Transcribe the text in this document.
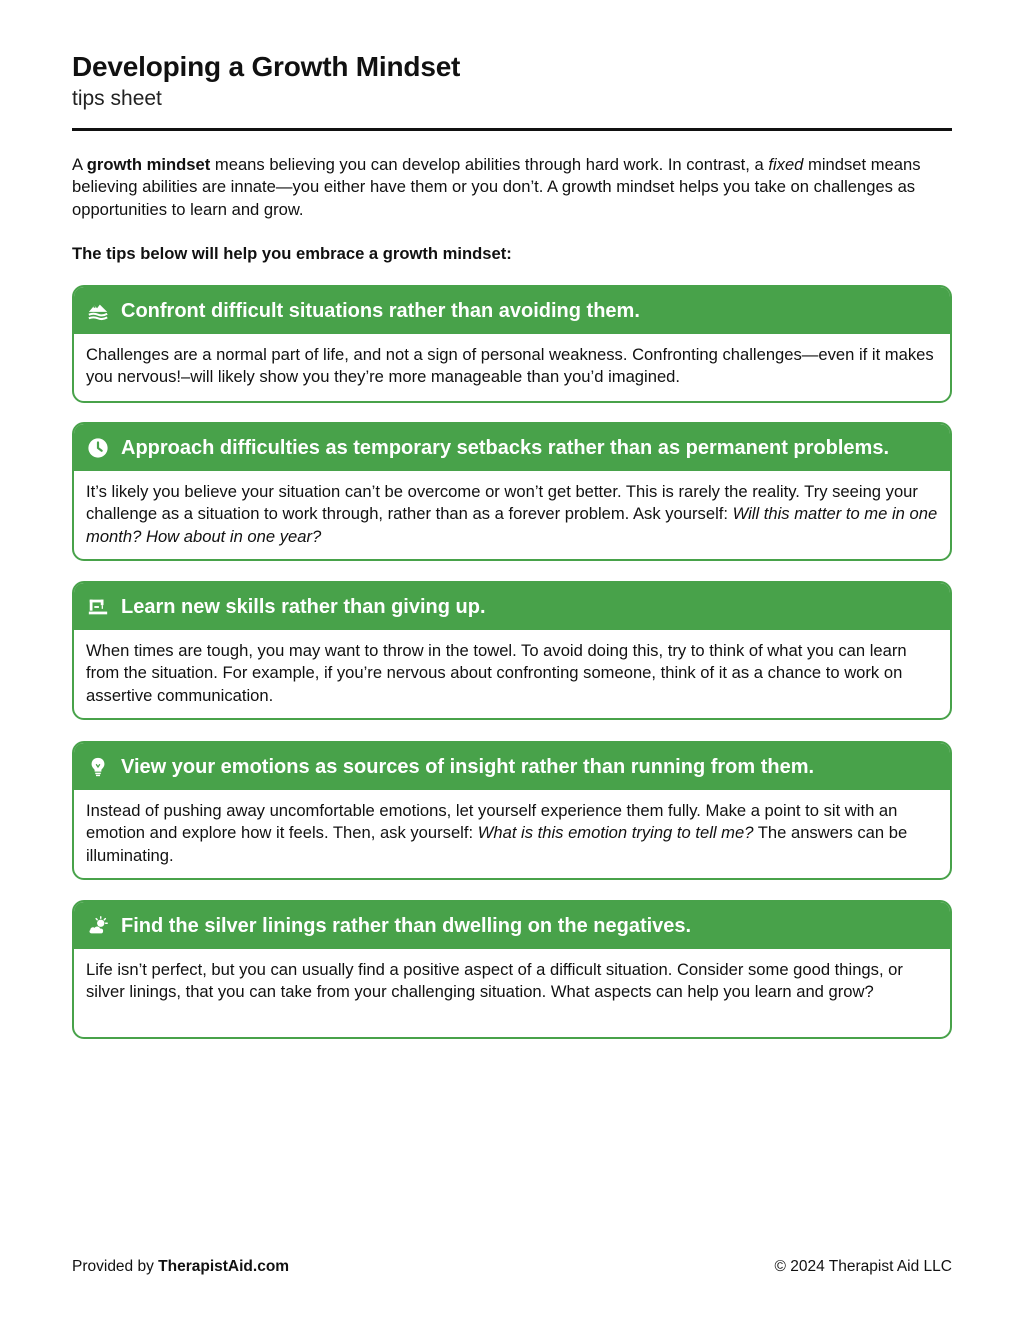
Developing a Growth Mindset
tips sheet

A growth mindset means believing you can develop abilities through hard work. In contrast, a fixed mindset means believing abilities are innate—you either have them or you don’t. A growth mindset helps you take on challenges as opportunities to learn and grow.

The tips below will help you embrace a growth mindset:

Confront difficult situations rather than avoiding them.
Challenges are a normal part of life, and not a sign of personal weakness. Confronting challenges—even if it makes you nervous!–will likely show you they’re more manageable than you’d imagined.
Approach difficulties as temporary setbacks rather than as permanent problems.
It’s likely you believe your situation can’t be overcome or won’t get better. This is rarely the reality. Try seeing your challenge as a situation to work through, rather than as a forever problem. Ask yourself: Will this matter to me in one month? How about in one year?
Learn new skills rather than giving up.
When times are tough, you may want to throw in the towel. To avoid doing this, try to think of what you can learn from the situation. For example, if you’re nervous about confronting someone, think of it as a chance to work on assertive communication.
View your emotions as sources of insight rather than running from them.
Instead of pushing away uncomfortable emotions, let yourself experience them fully. Make a point to sit with an emotion and explore how it feels. Then, ask yourself: What is this emotion trying to tell me? The answers can be illuminating.
Find the silver linings rather than dwelling on the negatives.
Life isn’t perfect, but you can usually find a positive aspect of a difficult situation. Consider some good things, or silver linings, that you can take from your challenging situation. What aspects can help you learn and grow?
Provided by TherapistAid.com	© 2024 Therapist Aid LLC
